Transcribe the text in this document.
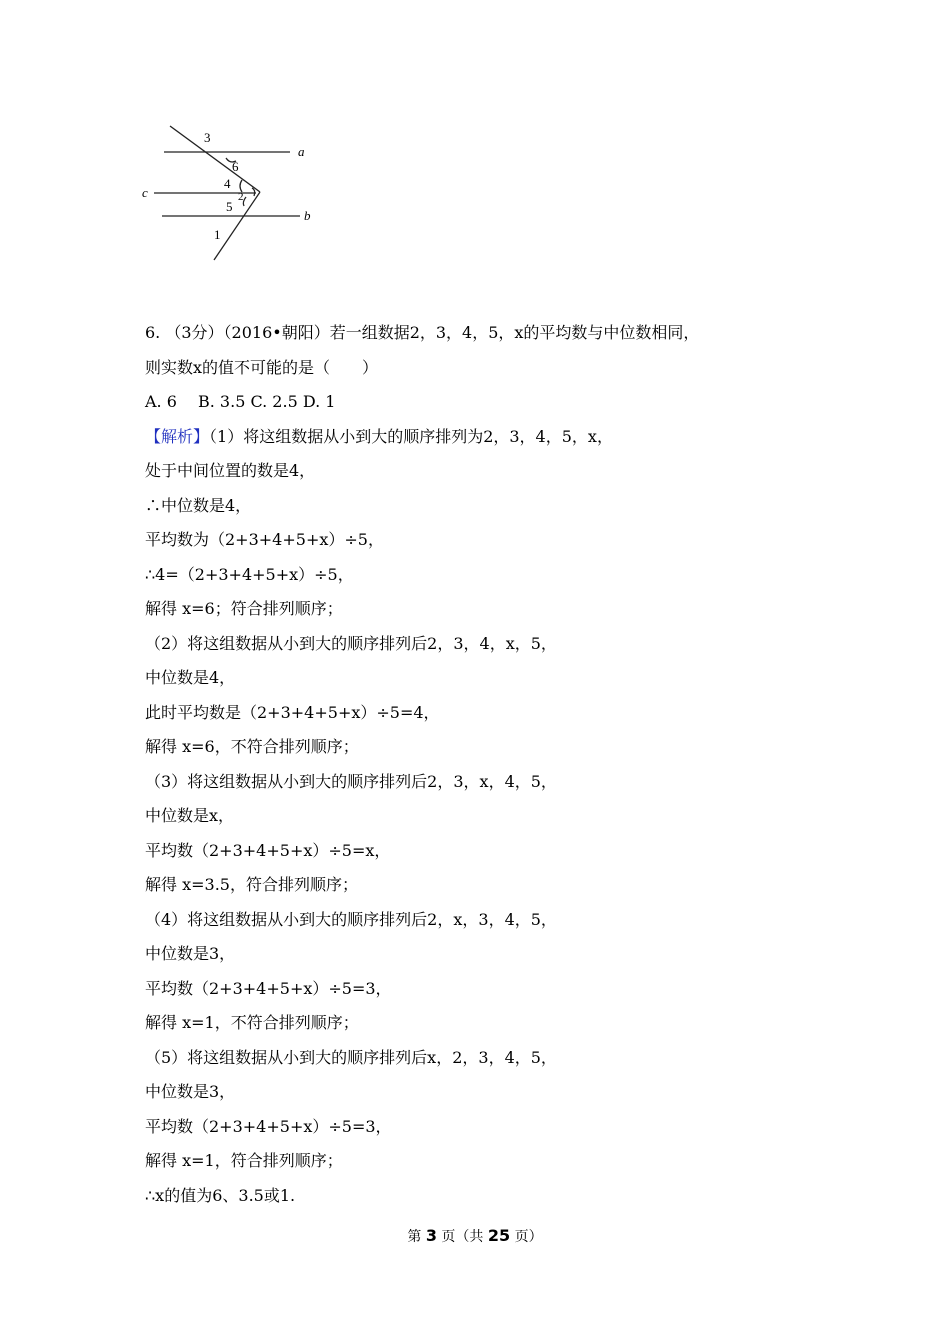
3
6
4
2
5
1
a
b
c
6. （3分）（2016•朝阳）若一组数据2，3，4，5，x的平均数与中位数相同，
则实数x的值不可能的是（　　）
A. 6　 B. 3.5 C. 2.5 D. 1
【解析】（1）将这组数据从小到大的顺序排列为2，3，4，5，x，
处于中间位置的数是4，
∴中位数是4，
平均数为（2+3+4+5+x）÷5，
∴4=（2+3+4+5+x）÷5，
解得 x=6；符合排列顺序；
（2）将这组数据从小到大的顺序排列后2，3，4，x，5，
中位数是4，
此时平均数是（2+3+4+5+x）÷5=4，
解得 x=6，不符合排列顺序；
（3）将这组数据从小到大的顺序排列后2，3，x，4，5，
中位数是x，
平均数（2+3+4+5+x）÷5=x，
解得 x=3.5，符合排列顺序；
（4）将这组数据从小到大的顺序排列后2，x，3，4，5，
中位数是3，
平均数（2+3+4+5+x）÷5=3，
解得 x=1，不符合排列顺序；
（5）将这组数据从小到大的顺序排列后x，2，3，4，5，
中位数是3，
平均数（2+3+4+5+x）÷5=3，
解得 x=1，符合排列顺序；
∴x的值为6、3.5或1.
第 3 页（共 25 页）
